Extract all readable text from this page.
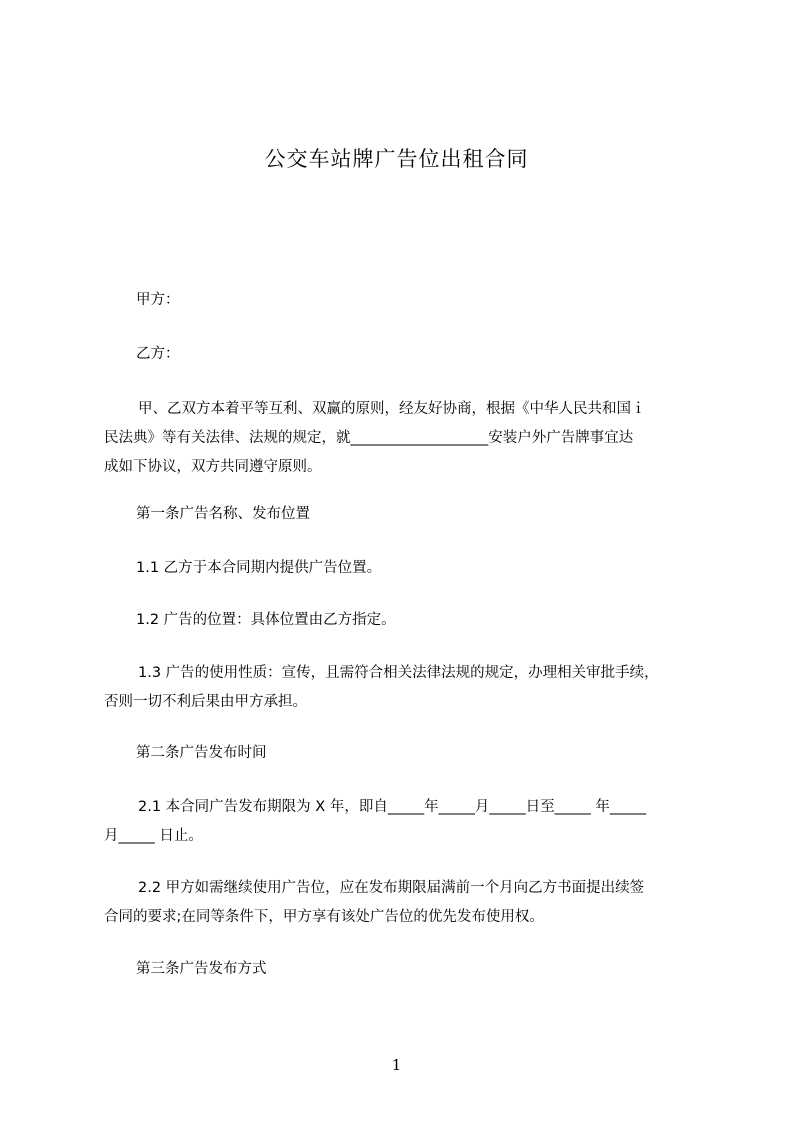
公交车站牌广告位出租合同
甲方：
乙方：
甲、乙双方本着平等互利、双赢的原则，经友好协商，根据《中华人民共和国ｉ
民法典》等有关法律、法规的规定，就___________________安装户外广告牌事宜达
成如下协议，双方共同遵守原则。
第一条广告名称、发布位置
1.1 乙方于本合同期内提供广告位置。
1.2 广告的位置：具体位置由乙方指定。
1.3 广告的使用性质：宣传，且需符合相关法律法规的规定，办理相关审批手续，
否则一切不利后果由甲方承担。
第二条广告发布时间
2.1 本合同广告发布期限为 X 年，即自_____年_____月_____日至_____ 年_____
月_____ 日止。
2.2 甲方如需继续使用广告位，应在发布期限届满前一个月向乙方书面提出续签
合同的要求;在同等条件下，甲方享有该处广告位的优先发布使用权。
第三条广告发布方式
1
